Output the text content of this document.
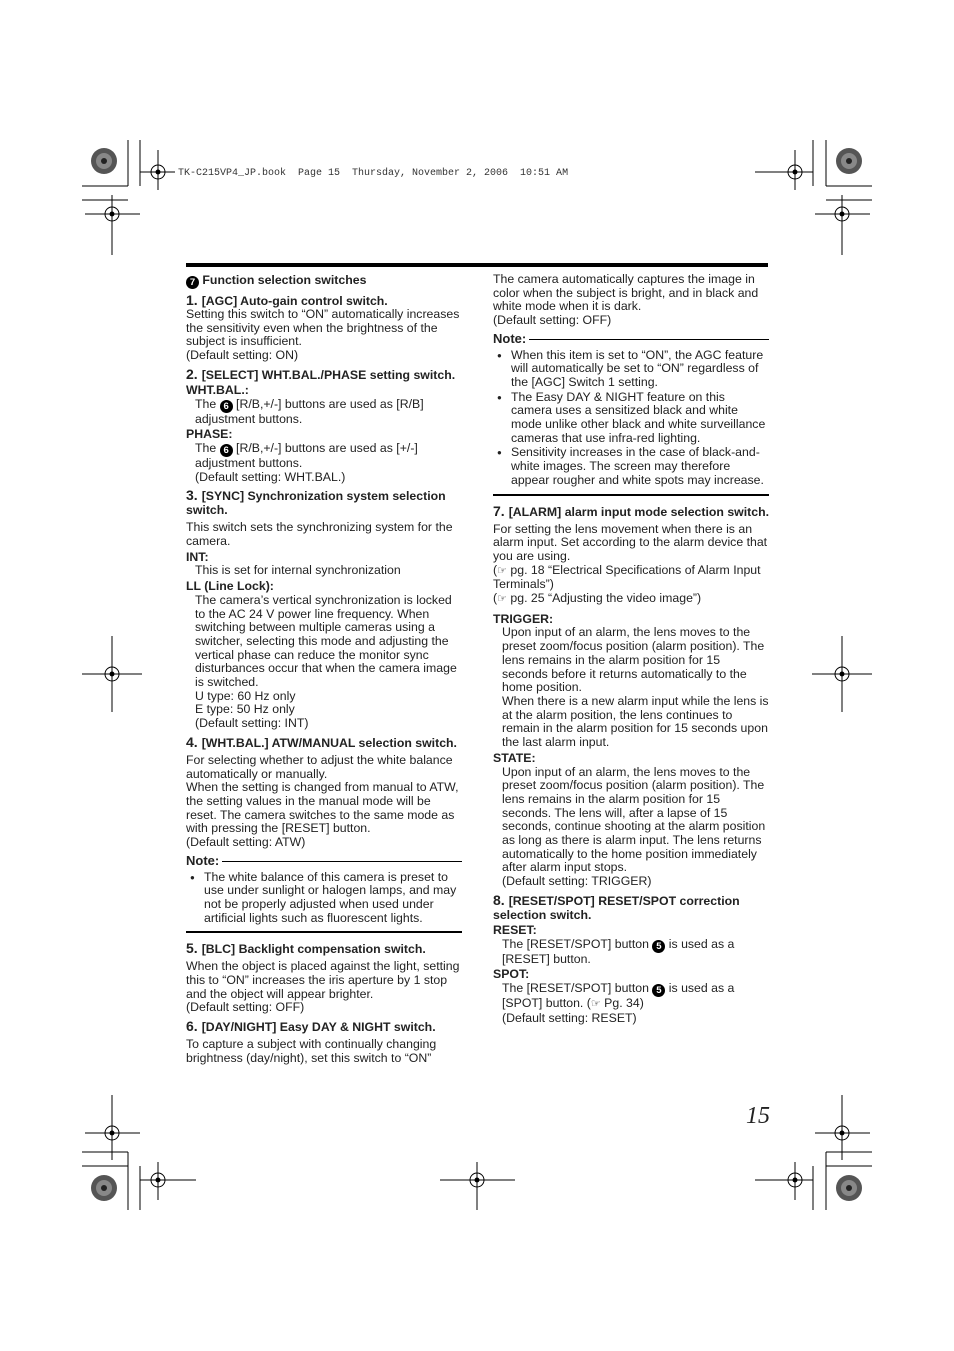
TK-C215VP4_JP.book  Page 15  Thursday, November 2, 2006  10:51 AM
7 Function selection switches
1. [AGC] Auto-gain control switch.
Setting this switch to “ON” automatically increases the sensitivity even when the brightness of the subject is insufficient.
(Default setting: ON)
2. [SELECT] WHT.BAL./PHASE setting switch.
WHT.BAL.:
The 6 [R/B,+/-] buttons are used as [R/B] adjustment buttons.
PHASE:
The 6 [R/B,+/-] buttons are used as [+/-] adjustment buttons.
(Default setting: WHT.BAL.)
3. [SYNC] Synchronization system selection switch.
This switch sets the synchronizing system for the camera.
INT:
This is set for internal synchronization
LL (Line Lock):
The camera’s vertical synchronization is locked to the AC 24 V power line frequency. When switching between multiple cameras using a switcher, selecting this mode and adjusting the vertical phase can reduce the monitor sync disturbances occur that when the camera image is switched.
U type: 60 Hz only
E type: 50 Hz only
(Default setting: INT)
4. [WHT.BAL.] ATW/MANUAL selection switch.
For selecting whether to adjust the white balance automatically or manually.
When the setting is changed from manual to ATW, the setting values in the manual mode will be reset. The camera switches to the same mode as with pressing the [RESET] button.
(Default setting: ATW)
Note:
● The white balance of this camera is preset to use under sunlight or halogen lamps, and may not be properly adjusted when used under artificial lights such as fluorescent lights.
5. [BLC] Backlight compensation switch.
When the object is placed against the light, setting this to “ON” increases the iris aperture by 1 stop and the object will appear brighter.
(Default setting: OFF)
6. [DAY/NIGHT] Easy DAY & NIGHT switch.
To capture a subject with continually changing brightness (day/night), set this switch to “ON”
The camera automatically captures the image in color when the subject is bright, and in black and white mode when it is dark.
(Default setting: OFF)
Note:
● When this item is set to “ON”, the AGC feature will automatically be set to “ON” regardless of the [AGC] Switch 1 setting.
● The Easy DAY & NIGHT feature on this camera uses a sensitized black and white mode unlike other black and white surveillance cameras that use infra-red lighting.
● Sensitivity increases in the case of black-and-white images. The screen may therefore appear rougher and white spots may increase.
7. [ALARM] alarm input mode selection switch.
For setting the lens movement when there is an alarm input. Set according to the alarm device that you are using.
(☞ pg. 18 “Electrical Specifications of Alarm Input Terminals”)
(☞ pg. 25 “Adjusting the video image”)
TRIGGER:
Upon input of an alarm, the lens moves to the preset zoom/focus position (alarm position). The lens remains in the alarm position for 15 seconds before it returns automatically to the home position.
When there is a new alarm input while the lens is at the alarm position, the lens continues to remain in the alarm position for 15 seconds upon the last alarm input.
STATE:
Upon input of an alarm, the lens moves to the preset zoom/focus position (alarm position). The lens remains in the alarm position for 15 seconds. The lens will, after a lapse of 15 seconds, continue shooting at the alarm position as long as there is alarm input. The lens returns automatically to the home position immediately after alarm input stops.
(Default setting: TRIGGER)
8. [RESET/SPOT] RESET/SPOT correction selection switch.
RESET:
The [RESET/SPOT] button 5 is used as a [RESET] button.
SPOT:
The [RESET/SPOT] button 5 is used as a [SPOT] button. (☞ Pg. 34)
(Default setting: RESET)
15
